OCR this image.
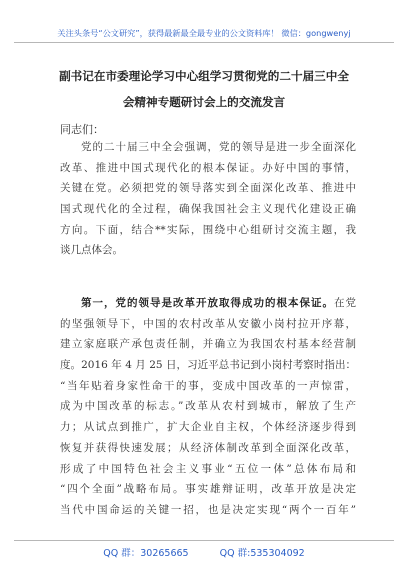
关注头条号“公文研究”，获得最新最全最专业的公文资料库！ 微信：gongwenyj
副书记在市委理论学习中心组学习贯彻党的二十届三中全
会精神专题研讨会上的交流发言
同志们：
党的二十届三中全会强调，党的领导是进一步全面深化
改革、推进中国式现代化的根本保证。办好中国的事情，
关键在党。必须把党的领导落实到全面深化改革、推进中
国式现代化的全过程，确保我国社会主义现代化建设正确
方向。下面，结合**实际，围绕中心组研讨交流主题，我
谈几点体会。
第一，党的领导是改革开放取得成功的根本保证。在党
的坚强领导下，中国的农村改革从安徽小岗村拉开序幕，
建立家庭联产承包责任制，并确立为我国农村基本经营制
度。2016 年 4 月 25 日，习近平总书记到小岗村考察时指出：
“当年贴着身家性命干的事，变成中国改革的一声惊雷，
成为中国改革的标志。”改革从农村到城市，解放了生产
力；从试点到推广，扩大企业自主权，个体经济逐步得到
恢复并获得快速发展；从经济体制改革到全面深化改革，
形成了中国特色社会主义事业“五位一体”总体布局和
“四个全面”战略布局。事实雄辩证明，改革开放是决定
当代中国命运的关键一招，也是决定实现“两个一百年”
QQ 群：30265665	QQ 群:535304092
